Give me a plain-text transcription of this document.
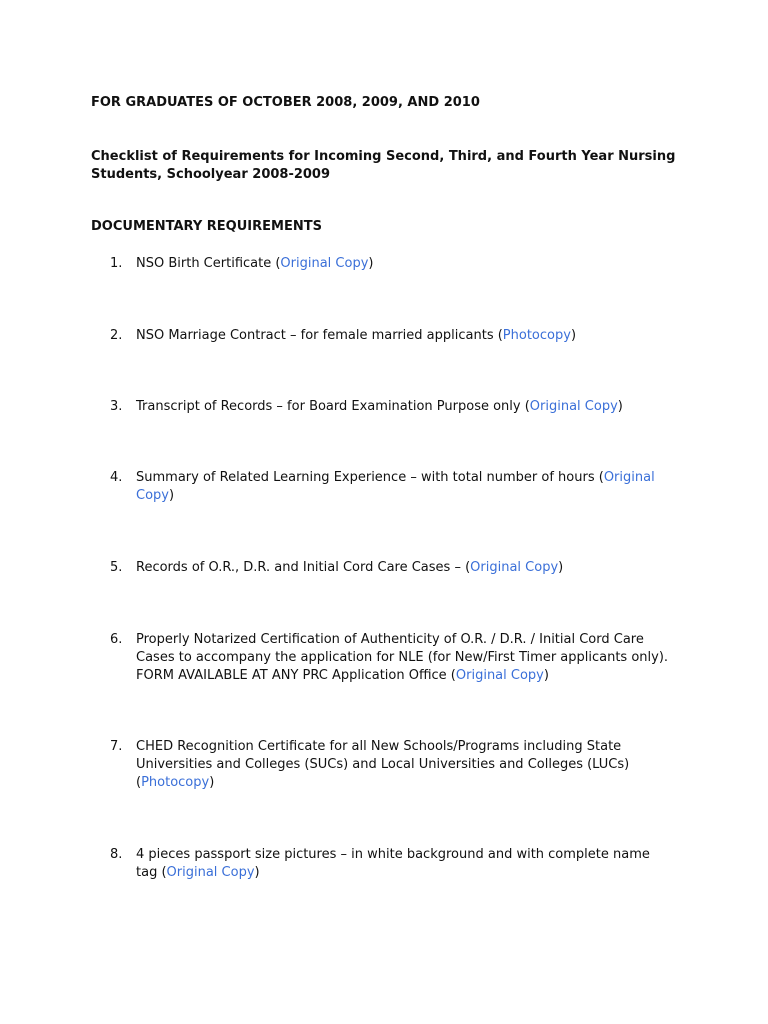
FOR GRADUATES OF OCTOBER 2008, 2009, AND 2010

Checklist of Requirements for Incoming Second, Third, and Fourth Year Nursing Students, Schoolyear 2008-2009

DOCUMENTARY REQUIREMENTS

1.	NSO Birth Certificate (Original Copy)
2.	NSO Marriage Contract – for female married applicants (Photocopy)
3.	Transcript of Records – for Board Examination Purpose only (Original Copy)
4.	Summary of Related Learning Experience – with total number of hours (Original Copy)
5.	Records of O.R., D.R. and Initial Cord Care Cases – (Original Copy)
6.	Properly Notarized Certification of Authenticity of O.R. / D.R. / Initial Cord Care Cases to accompany the application for NLE (for New/First Timer applicants only). FORM AVAILABLE AT ANY PRC Application Office (Original Copy)
7.	CHED Recognition Certificate for all New Schools/Programs including State Universities and Colleges (SUCs) and Local Universities and Colleges (LUCs) (Photocopy)
8.	4 pieces passport size pictures – in white background and with complete name tag (Original Copy)
